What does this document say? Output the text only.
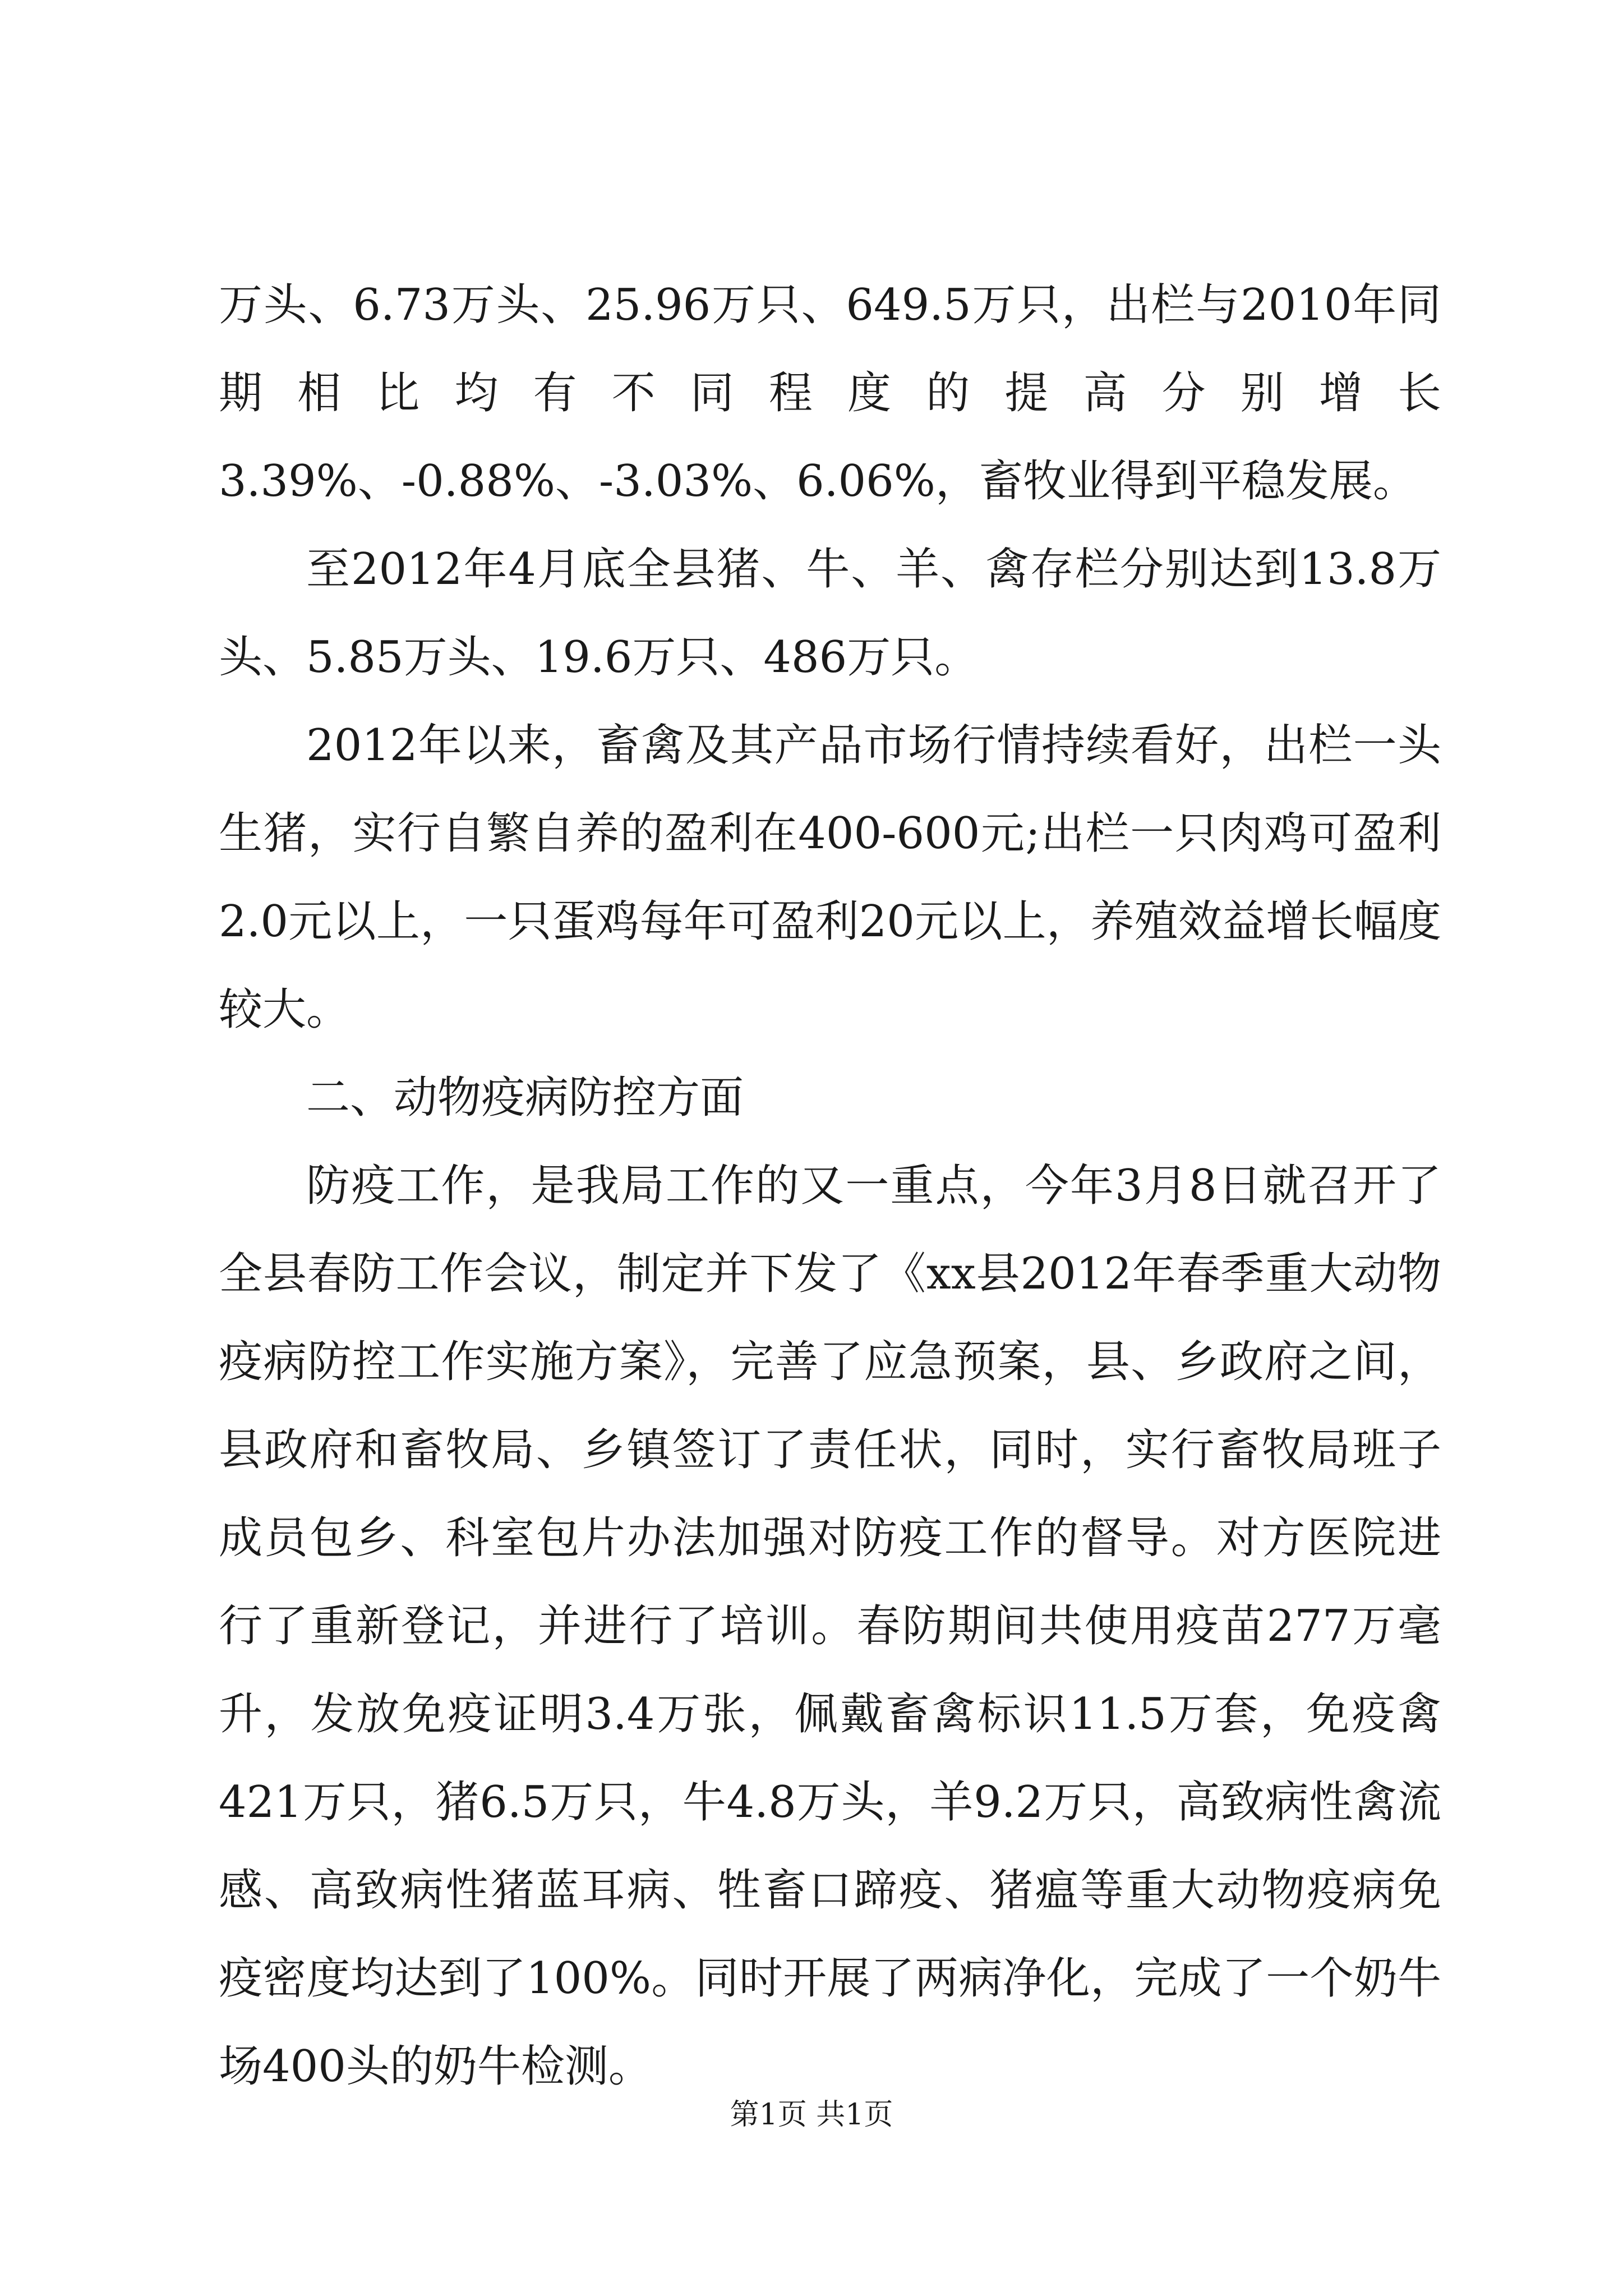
万头、6.73万头、25.96万只、649.5万只，出栏与2010年同期相比均有不同程度的提高分别增长3.39%、-0.88%、-3.03%、6.06%，畜牧业得到平稳发展。

至2012年4月底全县猪、牛、羊、禽存栏分别达到13.8万头、5.85万头、19.6万只、486万只。

2012年以来，畜禽及其产品市场行情持续看好，出栏一头生猪，实行自繁自养的盈利在400-600元;出栏一只肉鸡可盈利2.0元以上，一只蛋鸡每年可盈利20元以上，养殖效益增长幅度较大。

二、动物疫病防控方面

防疫工作，是我局工作的又一重点，今年3月8日就召开了全县春防工作会议，制定并下发了《xx县2012年春季重大动物疫病防控工作实施方案》，完善了应急预案，县、乡政府之间，县政府和畜牧局、乡镇签订了责任状，同时，实行畜牧局班子成员包乡、科室包片办法加强对防疫工作的督导。对方医院进行了重新登记，并进行了培训。春防期间共使用疫苗277万毫升，发放免疫证明3.4万张，佩戴畜禽标识11.5万套，免疫禽421万只，猪6.5万只，牛4.8万头，羊9.2万只，高致病性禽流感、高致病性猪蓝耳病、牲畜口蹄疫、猪瘟等重大动物疫病免疫密度均达到了100%。同时开展了两病净化，完成了一个奶牛场400头的奶牛检测。

第1页 共1页
